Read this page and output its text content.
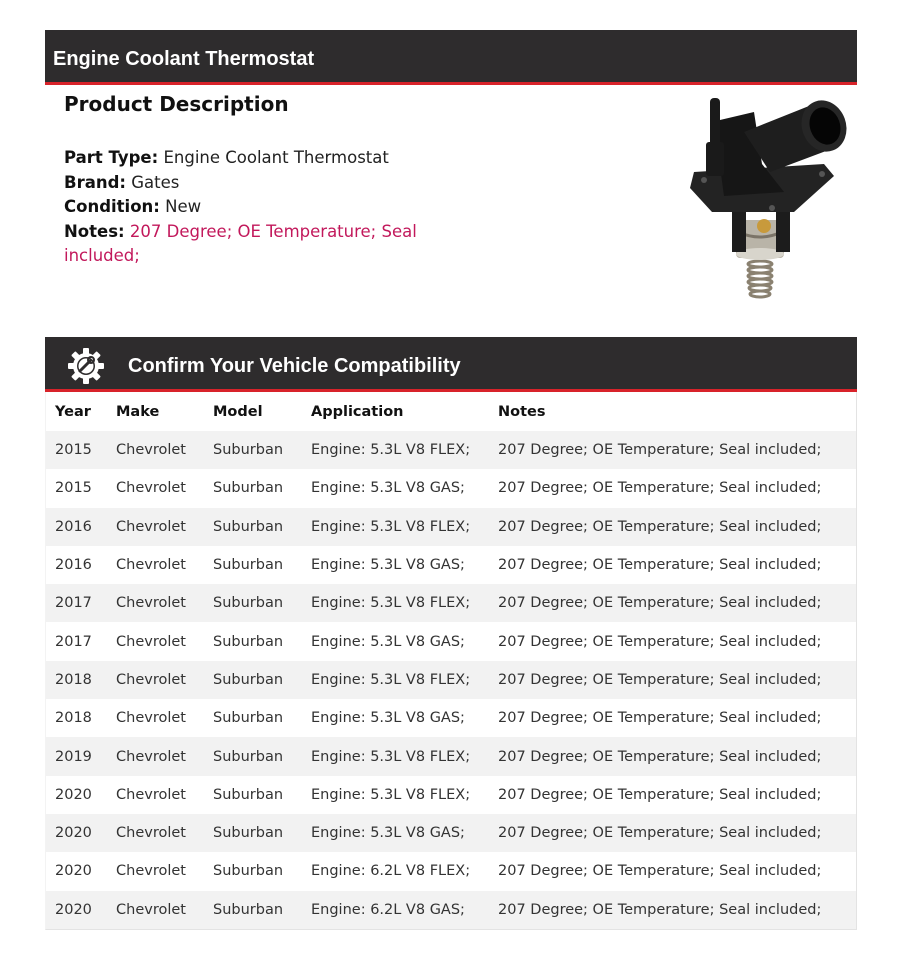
Engine Coolant Thermostat
Product Description
Part Type: Engine Coolant Thermostat
Brand: Gates
Condition: New
Notes: 207 Degree; OE Temperature; Seal included;
Confirm Your Vehicle Compatibility
Year	Make	Model	Application	Notes
2015	Chevrolet	Suburban	Engine: 5.3L V8 FLEX;	207 Degree; OE Temperature; Seal included;
2015	Chevrolet	Suburban	Engine: 5.3L V8 GAS;	207 Degree; OE Temperature; Seal included;
2016	Chevrolet	Suburban	Engine: 5.3L V8 FLEX;	207 Degree; OE Temperature; Seal included;
2016	Chevrolet	Suburban	Engine: 5.3L V8 GAS;	207 Degree; OE Temperature; Seal included;
2017	Chevrolet	Suburban	Engine: 5.3L V8 FLEX;	207 Degree; OE Temperature; Seal included;
2017	Chevrolet	Suburban	Engine: 5.3L V8 GAS;	207 Degree; OE Temperature; Seal included;
2018	Chevrolet	Suburban	Engine: 5.3L V8 FLEX;	207 Degree; OE Temperature; Seal included;
2018	Chevrolet	Suburban	Engine: 5.3L V8 GAS;	207 Degree; OE Temperature; Seal included;
2019	Chevrolet	Suburban	Engine: 5.3L V8 FLEX;	207 Degree; OE Temperature; Seal included;
2020	Chevrolet	Suburban	Engine: 5.3L V8 FLEX;	207 Degree; OE Temperature; Seal included;
2020	Chevrolet	Suburban	Engine: 5.3L V8 GAS;	207 Degree; OE Temperature; Seal included;
2020	Chevrolet	Suburban	Engine: 6.2L V8 FLEX;	207 Degree; OE Temperature; Seal included;
2020	Chevrolet	Suburban	Engine: 6.2L V8 GAS;	207 Degree; OE Temperature; Seal included;
